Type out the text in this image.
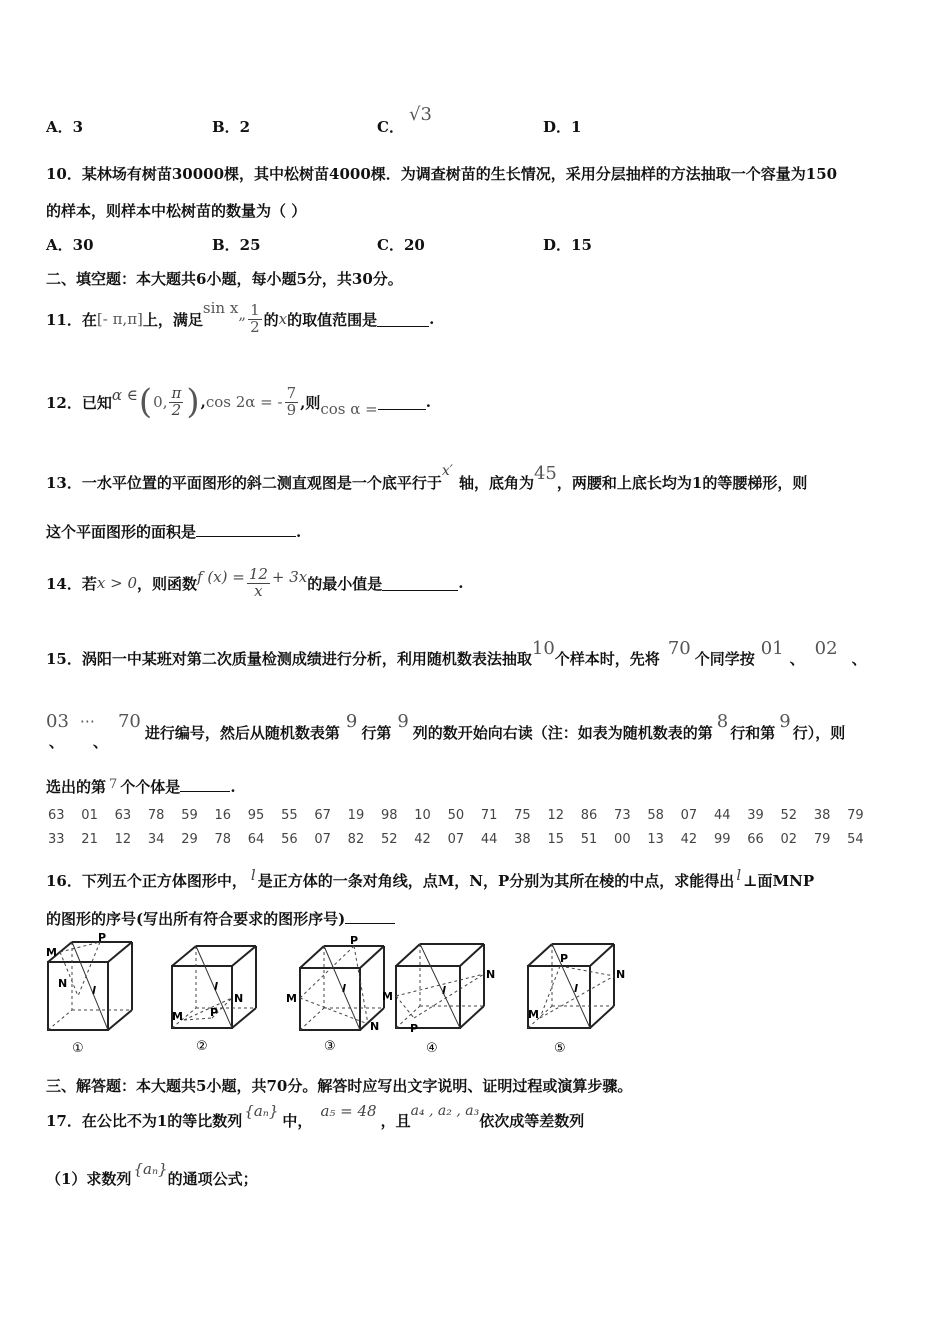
A．3	B．2	C．
√3
D．1
10．某林场有树苗30000棵，其中松树苗4000棵．为调查树苗的生长情况，采用分层抽样的方法抽取一个容量为150
的样本，则样本中松树苗的数量为（ ）
A．30	B．25	C．20	D．15
二、填空题：本大题共6小题，每小题5分，共30分。
11．在 [- π,π] 上，满足
sin x „ $\frac{1}{2}$ 的 x 的取值范围是	.
12．已知 α ∈ ( 0, $\frac{\pi}{2}$ ) , cos 2α = - $\frac{7}{9}$ ,则 cos α =	.
13．一水平位置的平面图形的斜二测直观图是一个底平行于
x′
轴，底角为 45 ，两腰和上底长均为1的等腰梯形，则
这个平面图形的面积是	.
14．若 x > 0 ，则函数 f $(x) = \frac{12}{x} + 3x$ 的最小值是	.
15．涡阳一中某班对第二次质量检测成绩进行分析，利用随机数表法抽取 10 个样本时，先将 70 个同学按 01 、 02 、
03
、
⋯
、
70
进行编号，然后从随机数表第
9
行第
9
列的数开始向右读（注：如表为随机数表的第
8
行和第
9
行），则
选出的第 7 个个体是	.
63 01 63 78 59 16 95 55 67 19 98 10 50 71 75 12 86 73 58 07 44 39 52 38 79
33 21 12 34 29 78 64 56 07 82 52 42 07 44 38 15 51 00 13 42 99 66 02 79 54
16．下列五个正方体图形中， l 是正方体的一条对角线，点M，N，P分别为其所在棱的中点，求能得出 l ⊥面MNP
的图形的序号(写出所有符合要求的图形序号)
M
P
N
l
①
M
N
P
l
②
M
P
N
l
③
M
N
P
l
④
P
N
M
l
⑤
三、解答题：本大题共5小题，共70分。解答时应写出文字说明、证明过程或演算步骤。
17．在公比不为1的等比数列
{aₙ}
中，
a₅ = 48
，且
a₄ , a₂ , a₃
依次成等差数列
（1）求数列
{aₙ}
的通项公式；
